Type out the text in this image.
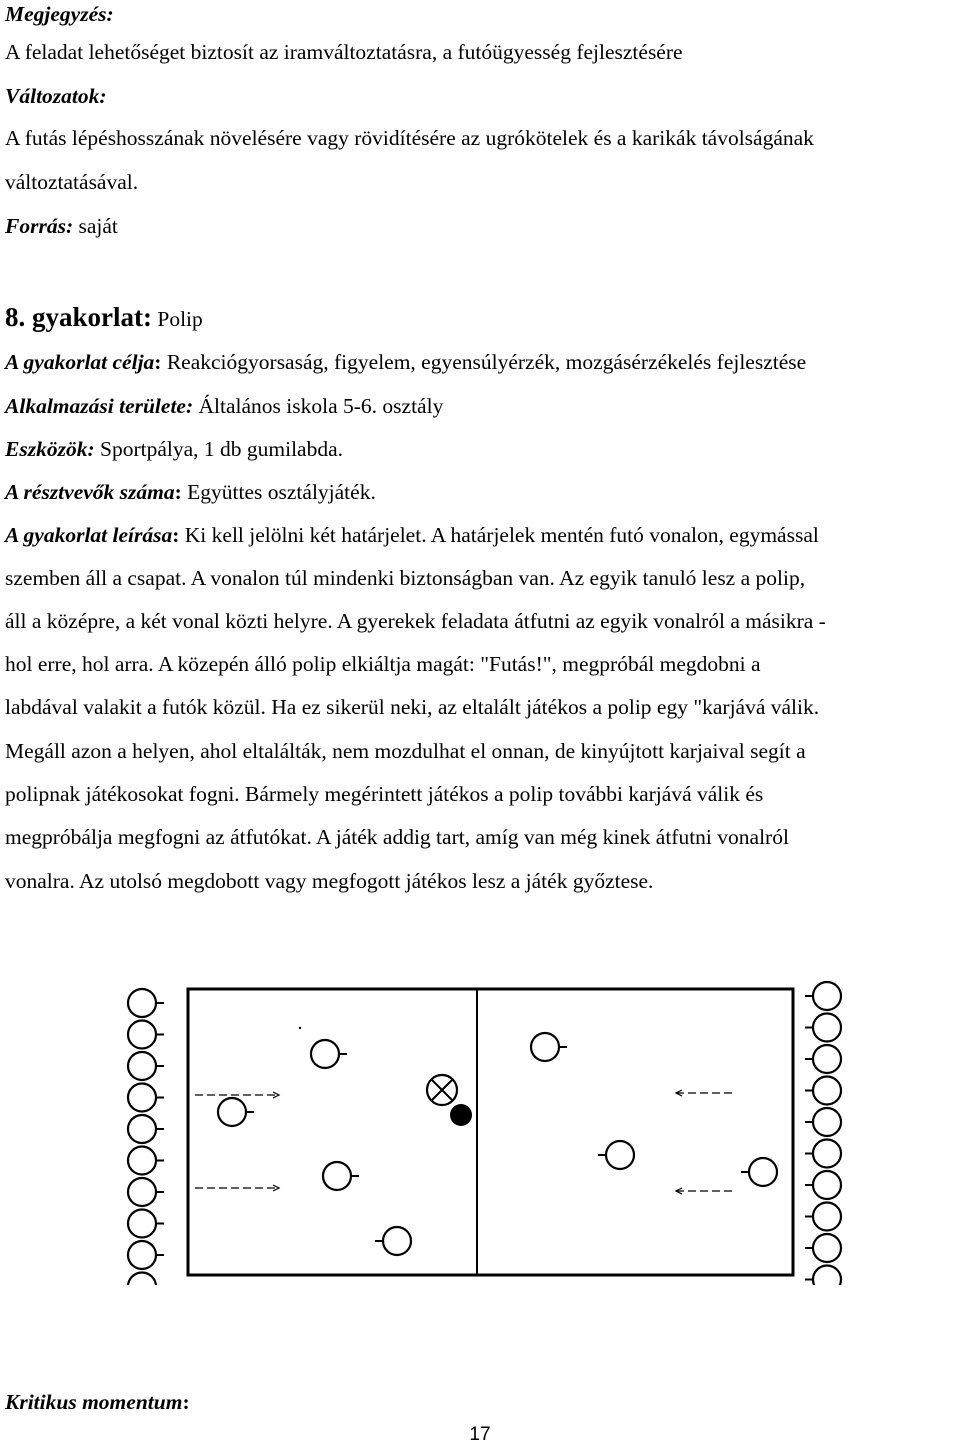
Megjegyzés:
A feladat lehetőséget biztosít az iramváltoztatásra, a futóügyesség fejlesztésére
Változatok:
A futás lépéshosszának növelésére vagy rövidítésére az ugrókötelek és a karikák távolságának
változtatásával.
Forrás: saját
8. gyakorlat: Polip
A gyakorlat célja: Reakciógyorsaság, figyelem, egyensúlyérzék, mozgásérzékelés fejlesztése
Alkalmazási területe: Általános iskola 5-6. osztály
Eszközök: Sportpálya, 1 db gumilabda.
A résztvevők száma: Együttes osztályjáték.
A gyakorlat leírása: Ki kell jelölni két határjelet. A határjelek mentén futó vonalon, egymással
szemben áll a csapat. A vonalon túl mindenki biztonságban van. Az egyik tanuló lesz a polip,
áll a középre, a két vonal közti helyre. A gyerekek feladata átfutni az egyik vonalról a másikra -
hol erre, hol arra. A közepén álló polip elkiáltja magát: "Futás!", megpróbál megdobni a
labdával valakit a futók közül. Ha ez sikerül neki, az eltalált játékos a polip egy "karjává válik.
Megáll azon a helyen, ahol eltalálták, nem mozdulhat el onnan, de kinyújtott karjaival segít a
polipnak játékosokat fogni. Bármely megérintett játékos a polip további karjává válik és
megpróbálja megfogni az átfutókat. A játék addig tart, amíg van még kinek átfutni vonalról
vonalra. Az utolsó megdobott vagy megfogott játékos lesz a játék győztese.
Kritikus momentum:
17
